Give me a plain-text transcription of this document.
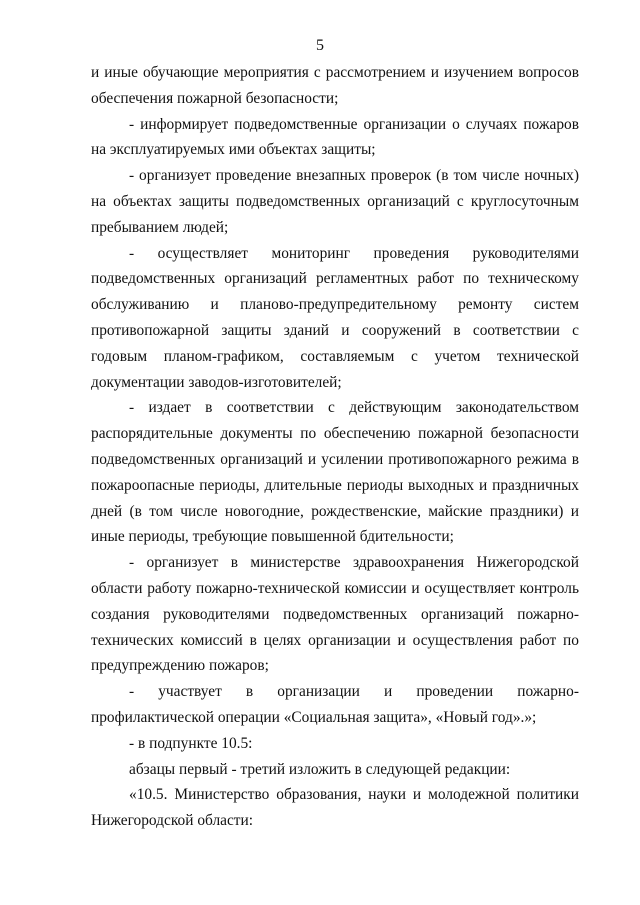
5

и иные обучающие мероприятия с рассмотрением и изучением вопросов обеспечения пожарной безопасности;

- информирует подведомственные организации о случаях пожаров на эксплуатируемых ими объектах защиты;

- организует проведение внезапных проверок (в том числе ночных) на объектах защиты подведомственных организаций с круглосуточным пребыванием людей;

- осуществляет мониторинг проведения руководителями подведомственных организаций регламентных работ по техническому обслуживанию и планово-предупредительному ремонту систем противопожарной защиты зданий и сооружений в соответствии с годовым планом-графиком, составляемым с учетом технической документации заводов-изготовителей;

- издает в соответствии с действующим законодательством распорядительные документы по обеспечению пожарной безопасности подведомственных организаций и усилении противопожарного режима в пожароопасные периоды, длительные периоды выходных и праздничных дней (в том числе новогодние, рождественские, майские праздники) и иные периоды, требующие повышенной бдительности;

- организует в министерстве здравоохранения Нижегородской области работу пожарно-технической комиссии и осуществляет контроль создания руководителями подведомственных организаций пожарно-технических комиссий в целях организации и осуществления работ по предупреждению пожаров;

- участвует в организации и проведении пожарно-профилактической операции «Социальная защита», «Новый год».»;

- в подпункте 10.5:

абзацы первый - третий изложить в следующей редакции:

«10.5. Министерство образования, науки и молодежной политики Нижегородской области:
